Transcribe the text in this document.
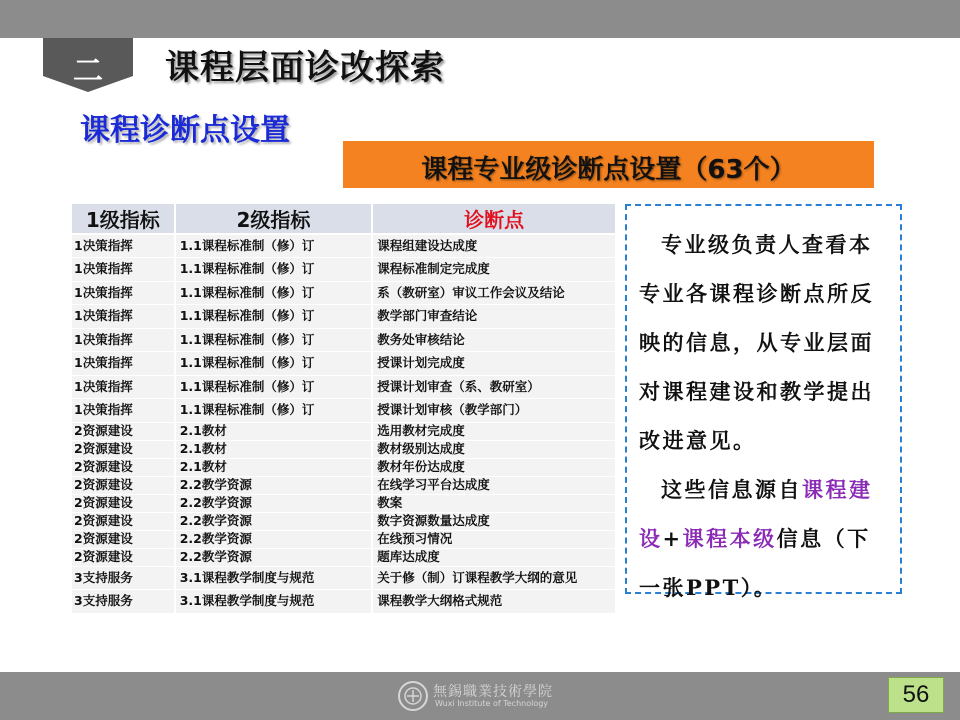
二	课程层面诊改探索
课程诊断点设置
课程专业级诊断点设置（63个）
1级指标	2级指标	诊断点
1决策指挥	1.1课程标准制（修）订	课程组建设达成度
1决策指挥	1.1课程标准制（修）订	课程标准制定完成度
1决策指挥	1.1课程标准制（修）订	系（教研室）审议工作会议及结论
1决策指挥	1.1课程标准制（修）订	教学部门审查结论
1决策指挥	1.1课程标准制（修）订	教务处审核结论
1决策指挥	1.1课程标准制（修）订	授课计划完成度
1决策指挥	1.1课程标准制（修）订	授课计划审查（系、教研室）
1决策指挥	1.1课程标准制（修）订	授课计划审核（教学部门）
2资源建设	2.1教材	选用教材完成度
2资源建设	2.1教材	教材级别达成度
2资源建设	2.1教材	教材年份达成度
2资源建设	2.2教学资源	在线学习平台达成度
2资源建设	2.2教学资源	教案
2资源建设	2.2教学资源	数字资源数量达成度
2资源建设	2.2教学资源	在线预习情况
2资源建设	2.2教学资源	题库达成度
3支持服务	3.1课程教学制度与规范	关于修（制）订课程教学大纲的意见
3支持服务	3.1课程教学制度与规范	课程教学大纲格式规范

专业级负责人查看本专业各课程诊断点所反映的信息，从专业层面对课程建设和教学提出改进意见。

这些信息源自课程建设+课程本级信息（下一张PPT）。

無錫職業技術學院
Wuxi Institute of Technology	56
